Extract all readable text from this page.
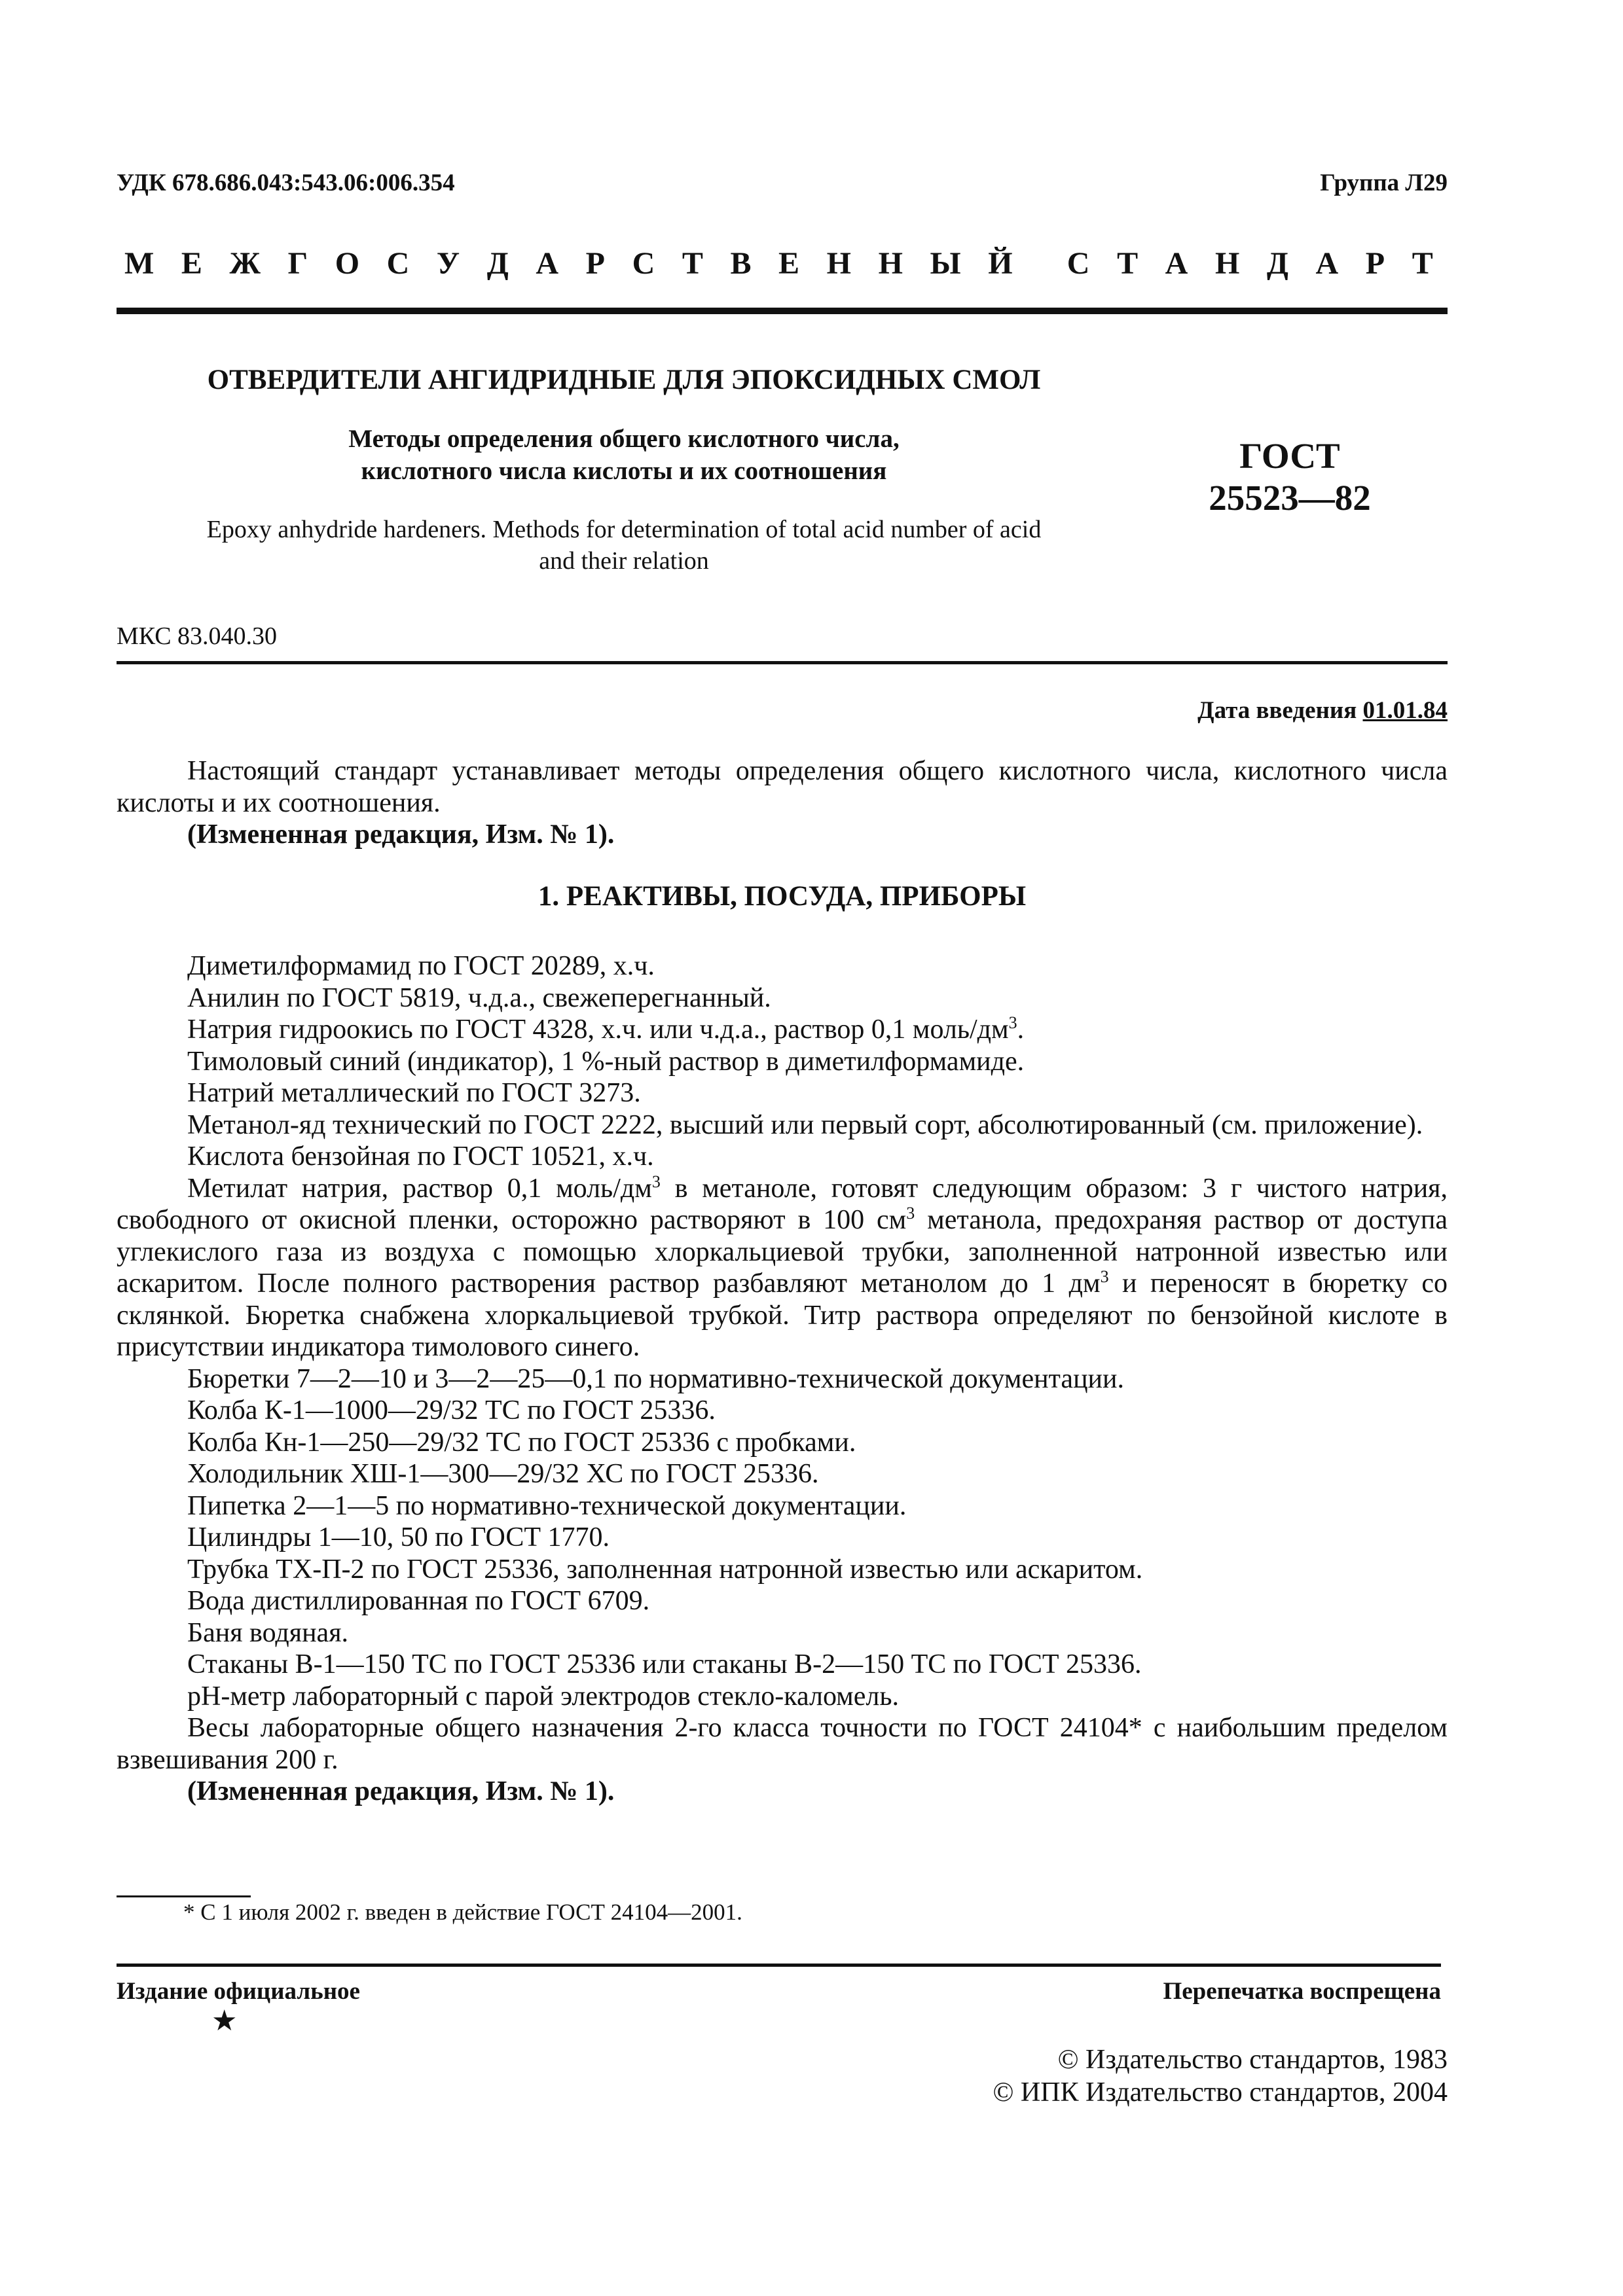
УДК 678.686.043:543.06:006.354	Группа Л29
М Е Ж Г О С У Д А Р С Т В Е Н Н Ы Й С Т А Н Д А Р Т
ОТВЕРДИТЕЛИ АНГИДРИДНЫЕ ДЛЯ ЭПОКСИДНЫХ СМОЛ
Методы определения общего кислотного числа,
кислотного числа кислоты и их соотношения	ГОСТ
25523—82
Epoxy anhydride hardeners. Methods for determination of total acid number of acid
and their relation
МКС 83.040.30
Дата введения 01.01.84

Настоящий стандарт устанавливает методы определения общего кислотного числа, кислотного числа кислоты и их соотношения.

(Измененная редакция, Изм. № 1).

1. РЕАКТИВЫ, ПОСУДА, ПРИБОРЫ

Диметилформамид по ГОСТ 20289, х.ч.

Анилин по ГОСТ 5819, ч.д.а., свежеперегнанный.

Натрия гидроокись по ГОСТ 4328, х.ч. или ч.д.а., раствор 0,1 моль/$дм^3$.

Тимоловый синий (индикатор), 1 %-ный раствор в диметилформамиде.

Натрий металлический по ГОСТ 3273.

Метанол-яд технический по ГОСТ 2222, высший или первый сорт, абсолютированный (см. приложение).

Кислота бензойная по ГОСТ 10521, х.ч.

Метилат натрия, раствор 0,1 моль/$дм^3$ в метаноле, готовят следующим образом: 3 г чистого натрия, свободного от окисной пленки, осторожно растворяют в 100 $см^3$ метанола, предохраняя раствор от доступа углекислого газа из воздуха с помощью хлоркальциевой трубки, заполненной натронной известью или аскаритом. После полного растворения раствор разбавляют метанолом до 1 $дм^3$ и переносят в бюретку со склянкой. Бюретка снабжена хлоркальциевой трубкой. Титр раствора определяют по бензойной кислоте в присутствии индикатора тимолового синего.

Бюретки 7—2—10 и 3—2—25—0,1 по нормативно-технической документации.

Колба К-1—1000—29/32 ТС по ГОСТ 25336.

Колба Кн-1—250—29/32 ТС по ГОСТ 25336 с пробками.

Холодильник ХШ-1—300—29/32 ХС по ГОСТ 25336.

Пипетка 2—1—5 по нормативно-технической документации.

Цилиндры 1—10, 50 по ГОСТ 1770.

Трубка ТХ-П-2 по ГОСТ 25336, заполненная натронной известью или аскаритом.

Вода дистиллированная по ГОСТ 6709.

Баня водяная.

Стаканы В-1—150 ТС по ГОСТ 25336 или стаканы В-2—150 ТС по ГОСТ 25336.

рН-метр лабораторный с парой электродов стекло-каломель.

Весы лабораторные общего назначения 2-го класса точности по ГОСТ 24104* с наибольшим пределом взвешивания 200 г.

(Измененная редакция, Изм. № 1).

* С 1 июля 2002 г. введен в действие ГОСТ 24104—2001.
Издание официальное	Перепечатка воспрещена
★
© Издательство стандартов, 1983
© ИПК Издательство стандартов, 2004
